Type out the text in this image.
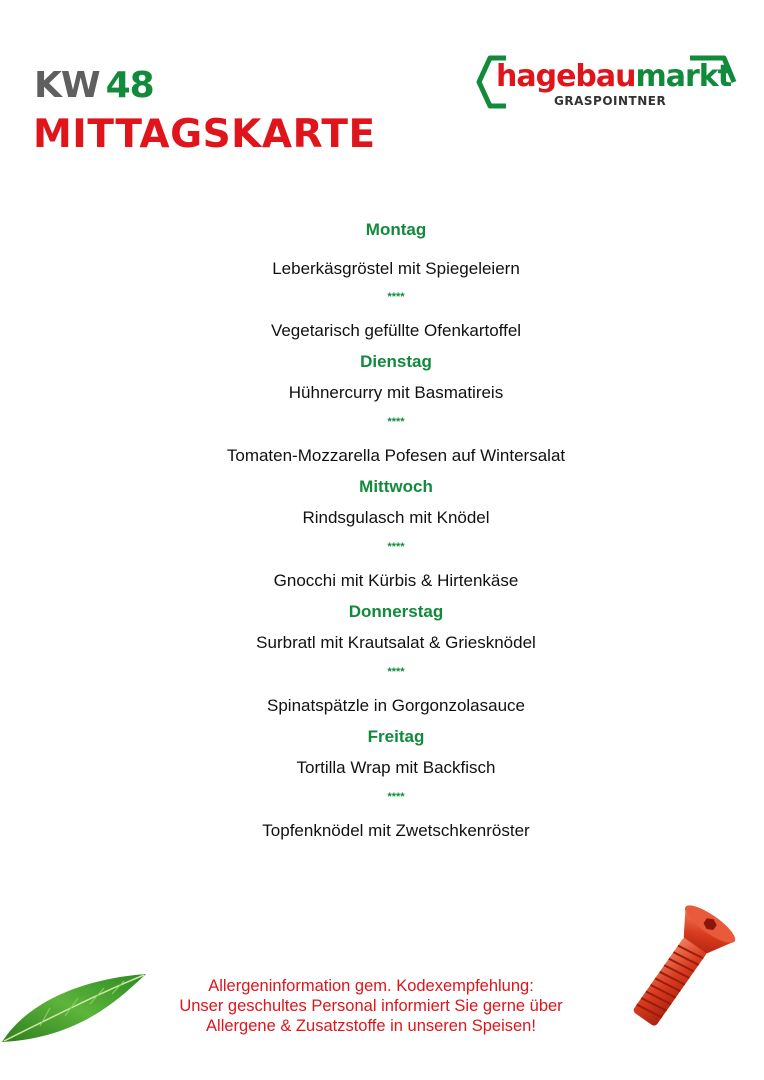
KW 48
MITTAGSKARTE
hagebaumarkt
GRASPOINTNER
Montag
Leberkäsgröstel mit Spiegeleiern
****
Vegetarisch gefüllte Ofenkartoffel
Dienstag
Hühnercurry mit Basmatireis
****
Tomaten-Mozzarella Pofesen auf Wintersalat
Mittwoch
Rindsgulasch mit Knödel
****
Gnocchi mit Kürbis & Hirtenkäse
Donnerstag
Surbratl mit Krautsalat & Griesknödel
****
Spinatspätzle in Gorgonzolasauce
Freitag
Tortilla Wrap mit Backfisch
****
Topfenknödel mit Zwetschkenröster
Allergeninformation gem. Kodexempfehlung:
Unser geschultes Personal informiert Sie gerne über
Allergene & Zusatzstoffe in unseren Speisen!
